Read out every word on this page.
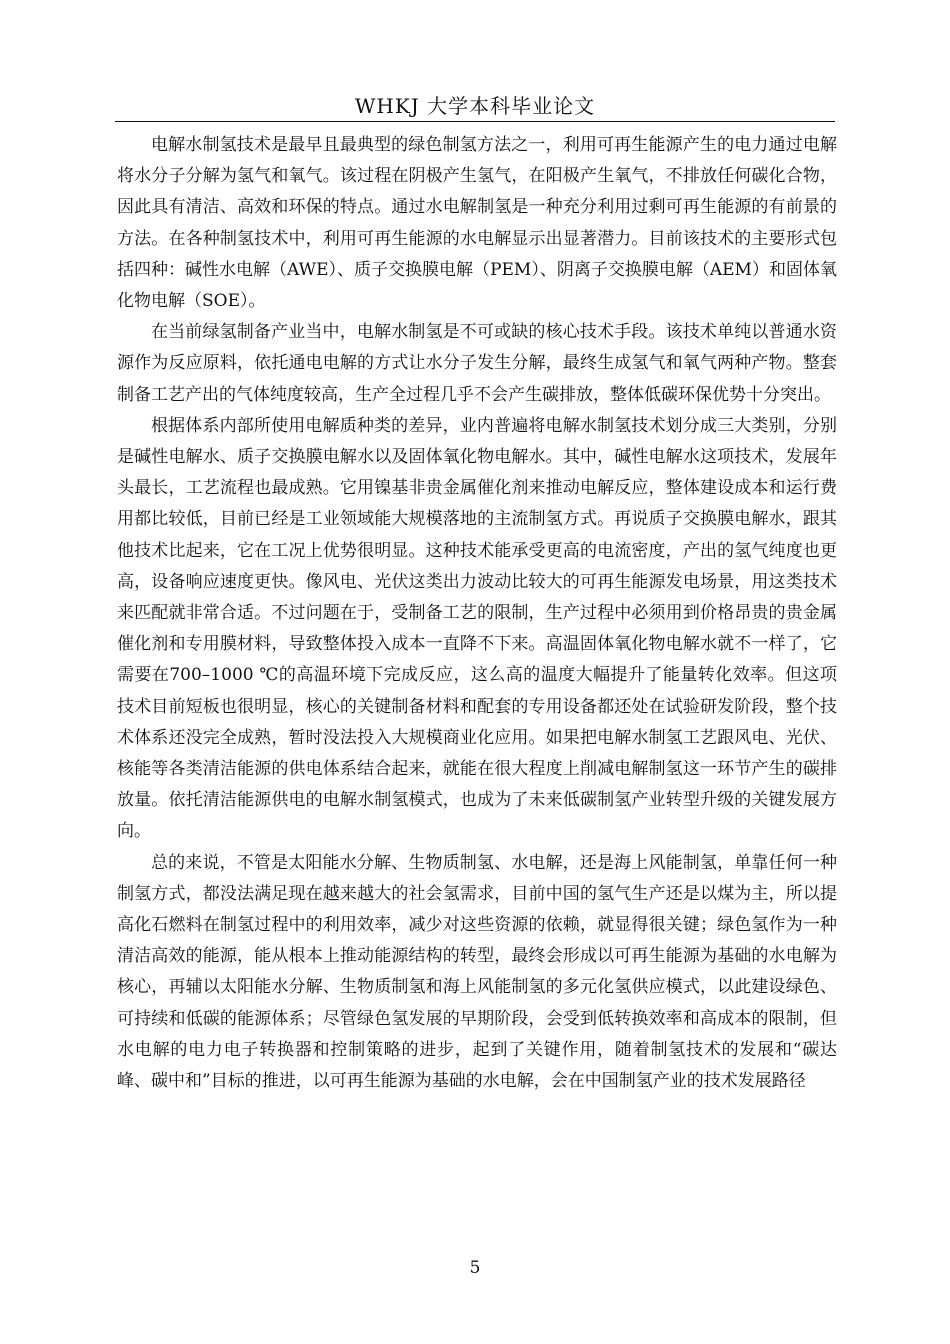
WHKJ 大学本科毕业论文

电解水制氢技术是最早且最典型的绿色制氢方法之一，利用可再生能源产生的电力通过电解将水分子分解为氢气和氧气。该过程在阴极产生氢气，在阳极产生氧气，不排放任何碳化合物，因此具有清洁、高效和环保的特点。通过水电解制氢是一种充分利用过剩可再生能源的有前景的方法。在各种制氢技术中，利用可再生能源的水电解显示出显著潜力。目前该技术的主要形式包括四种：碱性水电解（AWE）、质子交换膜电解（PEM）、阴离子交换膜电解（AEM）和固体氧化物电解（SOE）。

在当前绿氢制备产业当中，电解水制氢是不可或缺的核心技术手段。该技术单纯以普通水资源作为反应原料，依托通电电解的方式让水分子发生分解，最终生成氢气和氧气两种产物。整套制备工艺产出的气体纯度较高，生产全过程几乎不会产生碳排放，整体低碳环保优势十分突出。

根据体系内部所使用电解质种类的差异，业内普遍将电解水制氢技术划分成三大类别，分别是碱性电解水、质子交换膜电解水以及固体氧化物电解水。其中，碱性电解水这项技术，发展年头最长，工艺流程也最成熟。它用镍基非贵金属催化剂来推动电解反应，整体建设成本和运行费用都比较低，目前已经是工业领域能大规模落地的主流制氢方式。再说质子交换膜电解水，跟其他技术比起来，它在工况上优势很明显。这种技术能承受更高的电流密度，产出的氢气纯度也更高，设备响应速度更快。像风电、光伏这类出力波动比较大的可再生能源发电场景，用这类技术来匹配就非常合适。不过问题在于，受制备工艺的限制，生产过程中必须用到价格昂贵的贵金属催化剂和专用膜材料，导致整体投入成本一直降不下来。高温固体氧化物电解水就不一样了，它需要在700–1000 ℃的高温环境下完成反应，这么高的温度大幅提升了能量转化效率。但这项技术目前短板也很明显，核心的关键制备材料和配套的专用设备都还处在试验研发阶段，整个技术体系还没完全成熟，暂时没法投入大规模商业化应用。如果把电解水制氢工艺跟风电、光伏、核能等各类清洁能源的供电体系结合起来，就能在很大程度上削减电解制氢这一环节产生的碳排放量。依托清洁能源供电的电解水制氢模式，也成为了未来低碳制氢产业转型升级的关键发展方向。

总的来说，不管是太阳能水分解、生物质制氢、水电解，还是海上风能制氢，单靠任何一种制氢方式，都没法满足现在越来越大的社会氢需求，目前中国的氢气生产还是以煤为主，所以提高化石燃料在制氢过程中的利用效率，减少对这些资源的依赖，就显得很关键；绿色氢作为一种清洁高效的能源，能从根本上推动能源结构的转型，最终会形成以可再生能源为基础的水电解为核心，再辅以太阳能水分解、生物质制氢和海上风能制氢的多元化氢供应模式，以此建设绿色、可持续和低碳的能源体系；尽管绿色氢发展的早期阶段，会受到低转换效率和高成本的限制，但水电解的电力电子转换器和控制策略的进步，起到了关键作用，随着制氢技术的发展和“碳达峰、碳中和”目标的推进，以可再生能源为基础的水电解，会在中国制氢产业的技术发展路径

5
